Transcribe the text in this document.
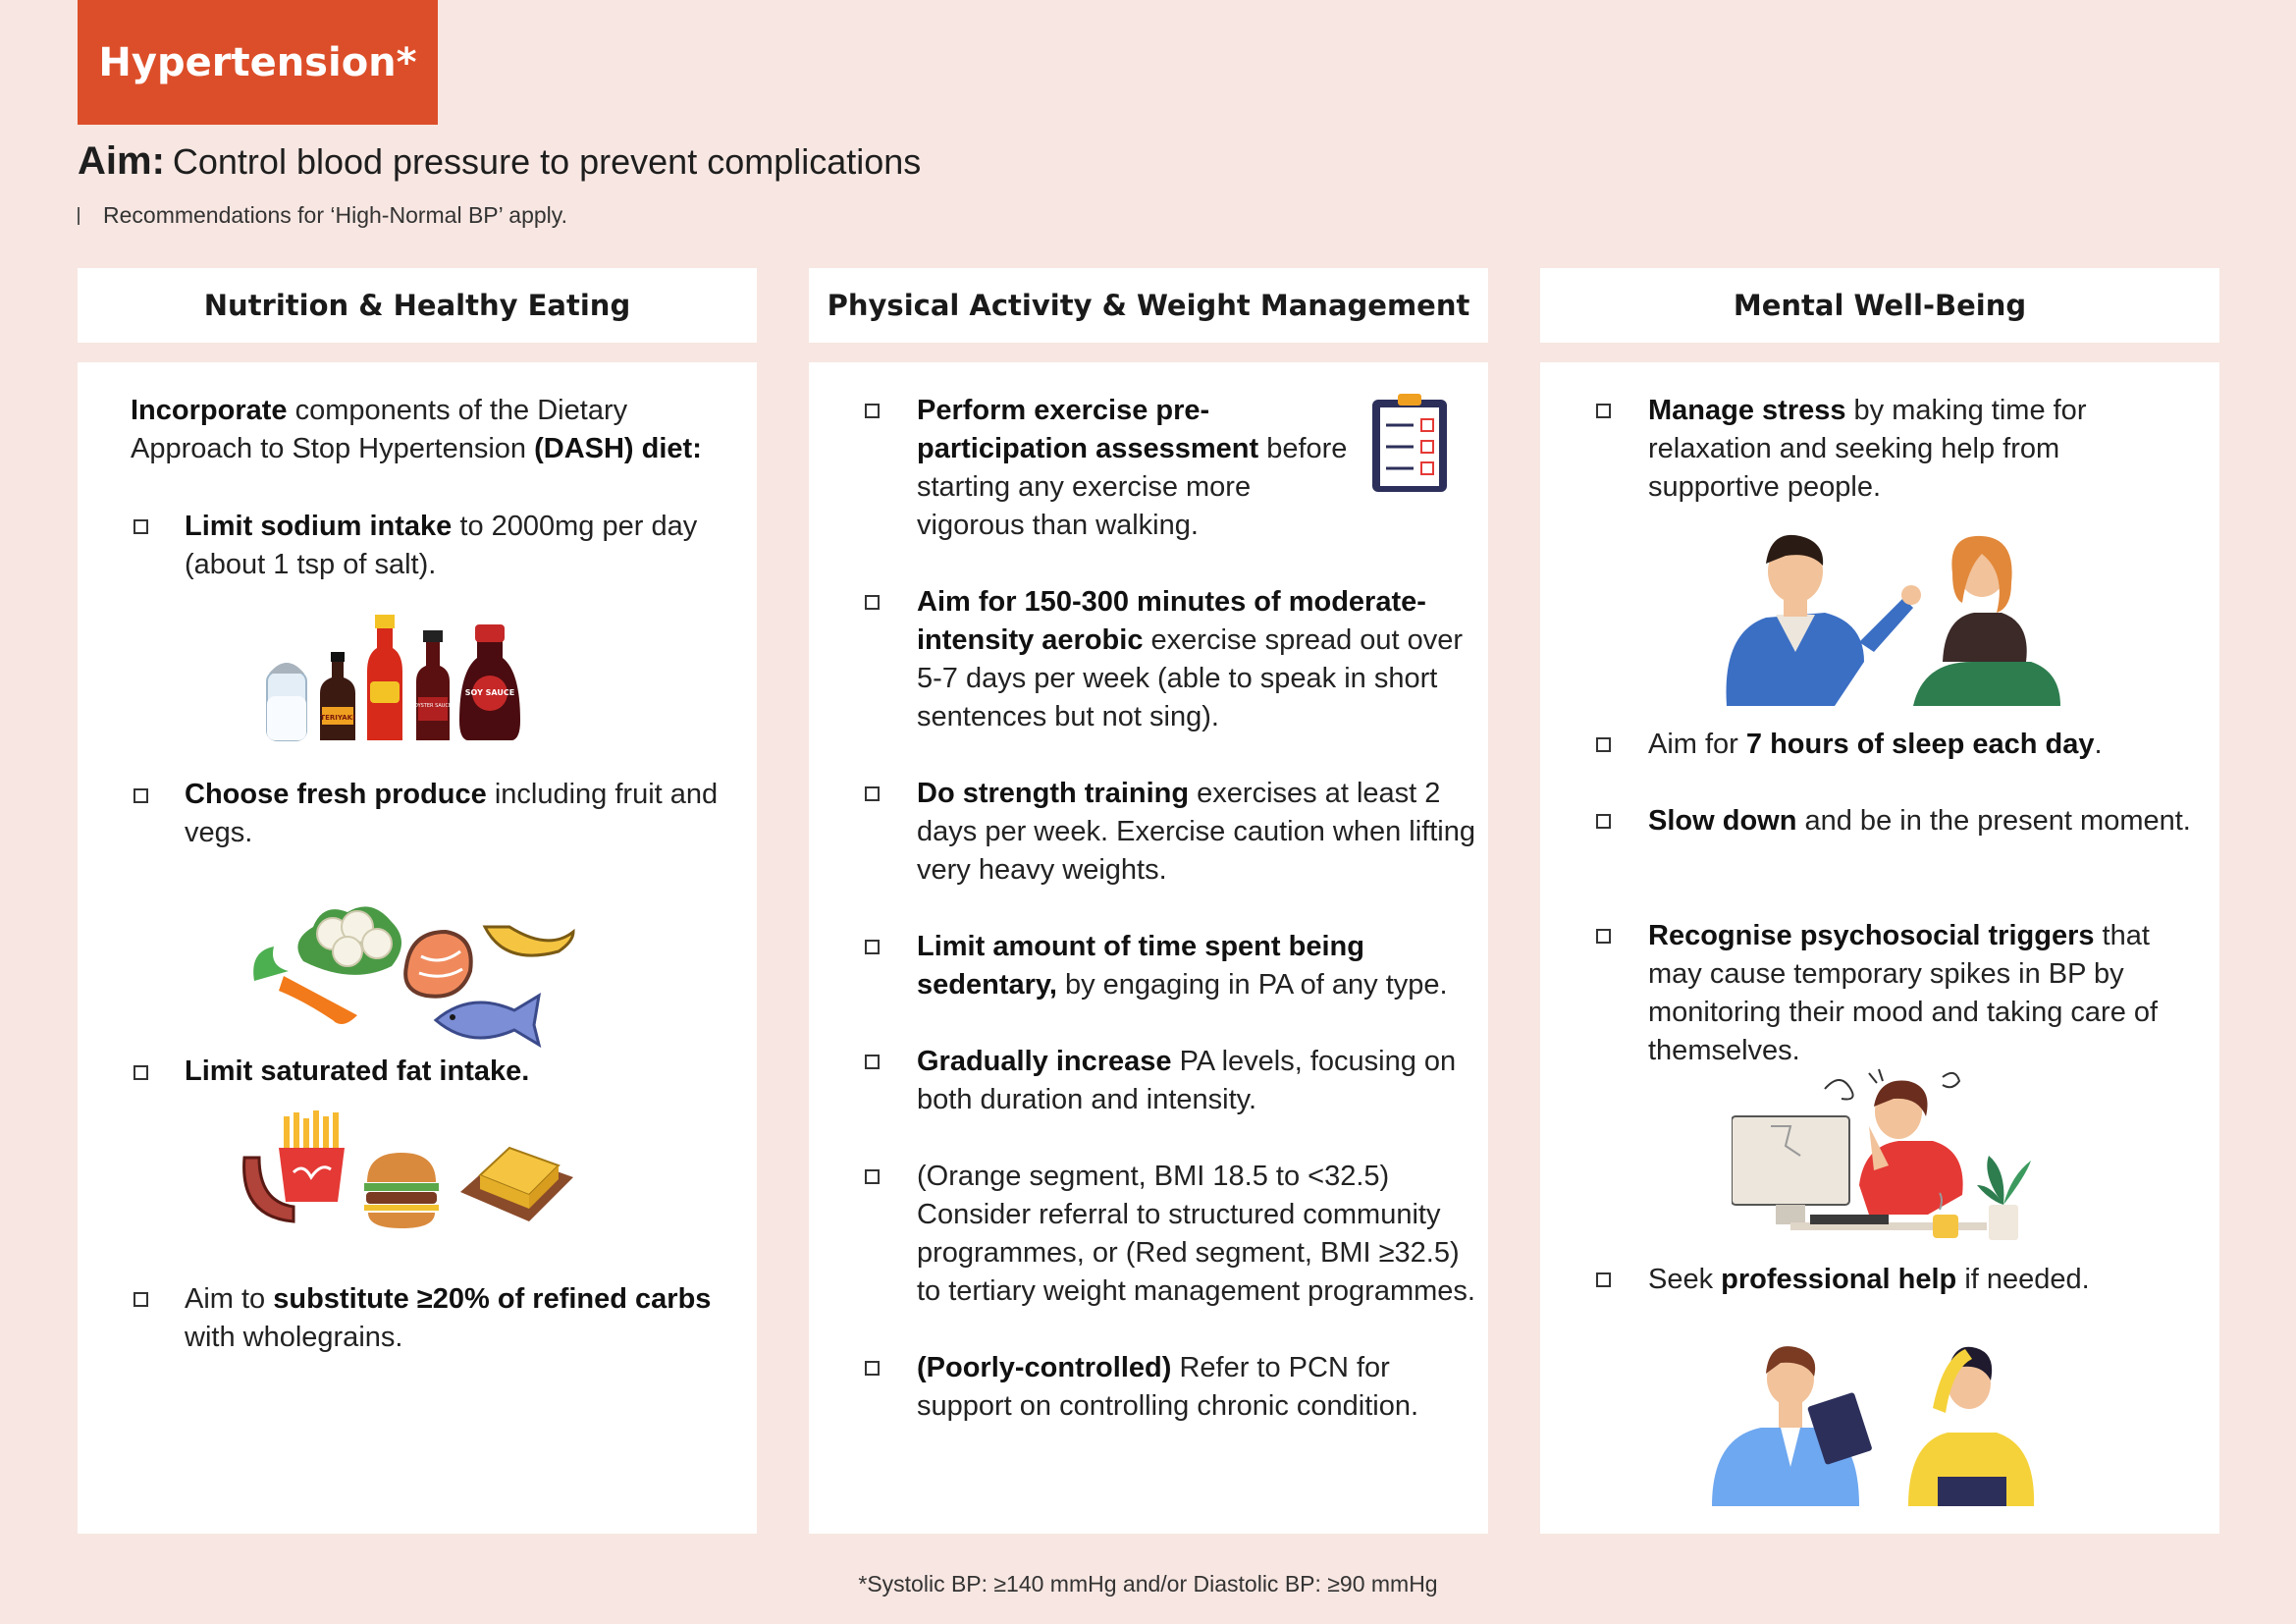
Hypertension*
Aim: Control blood pressure to prevent complications
Recommendations for ‘High-Normal BP’ apply.
Nutrition & Healthy Eating	Physical Activity & Weight Management	Mental Well-Being
Incorporate components of the Dietary Approach to Stop Hypertension (DASH) diet:
Limit sodium intake to 2000mg per day (about 1 tsp of salt).
TERIYAKI
OYSTER SAUCE
SOY SAUCE
Choose fresh produce including fruit and vegs.
Limit saturated fat intake.
Aim to substitute ≥20% of refined carbs with wholegrains.
Perform exercise pre-participation assessment before starting any exercise more vigorous than walking.
Aim for 150-300 minutes of moderate-intensity aerobic exercise spread out over 5-7 days per week (able to speak in short sentences but not sing).
Do strength training exercises at least 2 days per week. Exercise caution when lifting very heavy weights.
Limit amount of time spent being sedentary, by engaging in PA of any type.
Gradually increase PA levels, focusing on both duration and intensity.
(Orange segment, BMI 18.5 to <32.5) Consider referral to structured community programmes, or (Red segment, BMI ≥32.5) to tertiary weight management programmes.
(Poorly-controlled) Refer to PCN for support on controlling chronic condition.
Manage stress by making time for relaxation and seeking help from supportive people.
Aim for 7 hours of sleep each day.
Slow down and be in the present moment.
Recognise psychosocial triggers that may cause temporary spikes in BP by monitoring their mood and taking care of themselves.
Seek professional help if needed.
*Systolic BP: ≥140 mmHg and/or Diastolic BP: ≥90 mmHg
